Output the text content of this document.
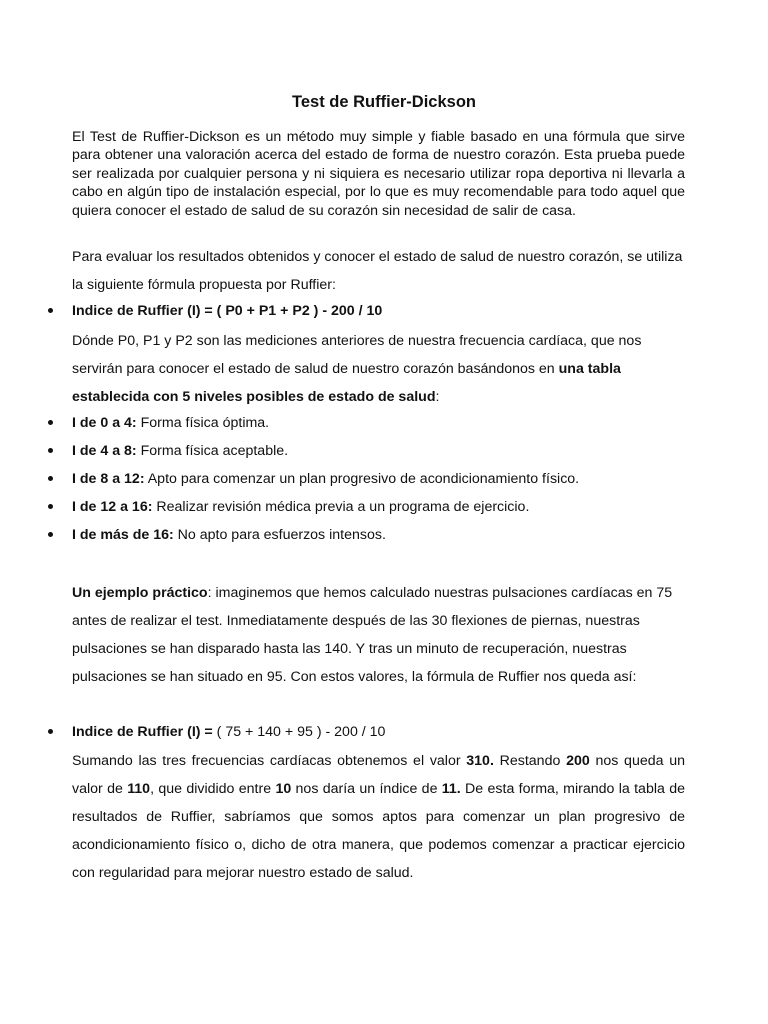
Test de Ruffier-Dickson

El Test de Ruffier-Dickson es un método muy simple y fiable basado en una fórmula que sirve para obtener una valoración acerca del estado de forma de nuestro corazón. Esta prueba puede ser realizada por cualquier persona y ni siquiera es necesario utilizar ropa deportiva ni llevarla a cabo en algún tipo de instalación especial, por lo que es muy recomendable para todo aquel que quiera conocer el estado de salud de su corazón sin necesidad de salir de casa.

Para evaluar los resultados obtenidos y conocer el estado de salud de nuestro corazón, se utiliza la siguiente fórmula propuesta por Ruffier:

Indice de Ruffier (I) = ( P0 + P1 + P2 ) - 200 / 10

Dónde P0, P1 y P2 son las mediciones anteriores de nuestra frecuencia cardíaca, que nos servirán para conocer el estado de salud de nuestro corazón basándonos en una tabla establecida con 5 niveles posibles de estado de salud:

I de 0 a 4: Forma física óptima.
I de 4 a 8: Forma física aceptable.
I de 8 a 12: Apto para comenzar un plan progresivo de acondicionamiento físico.
I de 12 a 16: Realizar revisión médica previa a un programa de ejercicio.
I de más de 16: No apto para esfuerzos intensos.

Un ejemplo práctico: imaginemos que hemos calculado nuestras pulsaciones cardíacas en 75 antes de realizar el test. Inmediatamente después de las 30 flexiones de piernas, nuestras pulsaciones se han disparado hasta las 140. Y tras un minuto de recuperación, nuestras pulsaciones se han situado en 95. Con estos valores, la fórmula de Ruffier nos queda así:

Indice de Ruffier (I) = ( 75 + 140 + 95 ) - 200 / 10

Sumando las tres frecuencias cardíacas obtenemos el valor 310. Restando 200 nos queda un valor de 110, que dividido entre 10 nos daría un índice de 11. De esta forma, mirando la tabla de resultados de Ruffier, sabríamos que somos aptos para comenzar un plan progresivo de acondicionamiento físico o, dicho de otra manera, que podemos comenzar a practicar ejercicio con regularidad para mejorar nuestro estado de salud.
